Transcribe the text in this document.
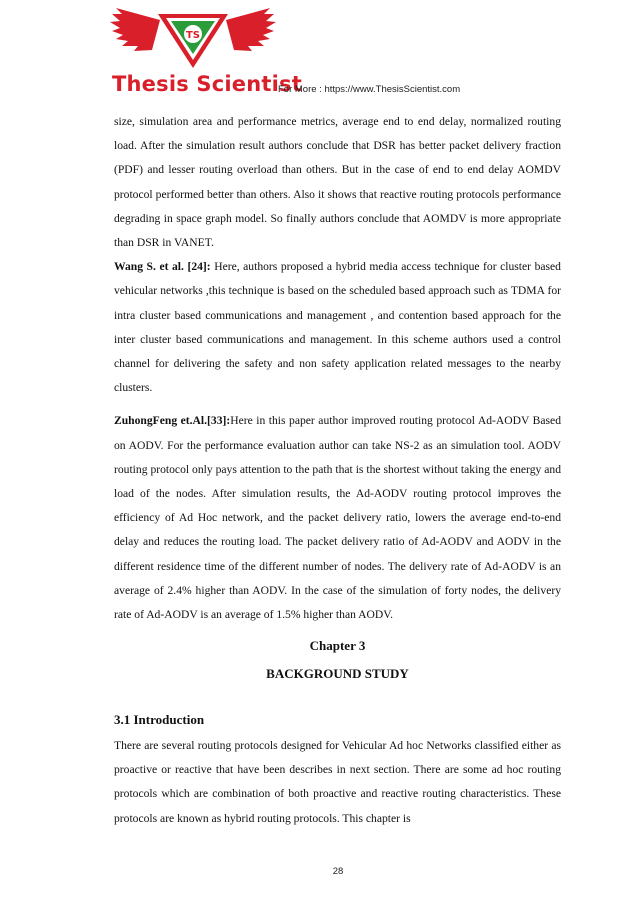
TS
Thesis Scientist
For More : https://www.ThesisScientist.com

size, simulation area and performance metrics, average end to end delay, normalized routing load. After the simulation result authors conclude that DSR has better packet delivery fraction (PDF) and lesser routing overload than others. But in the case of end to end delay AOMDV protocol performed better than others. Also it shows that reactive routing protocols performance degrading in space graph model. So finally authors conclude that AOMDV is more appropriate than DSR in VANET.

Wang S. et al. [24]: Here, authors proposed a hybrid media access technique for cluster based vehicular networks ,this technique is based on the scheduled based approach such as TDMA for intra cluster based communications and management , and contention based approach for the inter cluster based communications and management. In this scheme authors used a control channel for delivering the safety and non safety application related messages to the nearby clusters.

ZuhongFeng et.Al.[33]:Here in this paper author improved routing protocol Ad-AODV Based on AODV. For the performance evaluation author can take NS-2 as an simulation tool. AODV routing protocol only pays attention to the path that is the shortest without taking the energy and load of the nodes. After simulation results, the Ad-AODV routing protocol improves the efficiency of Ad Hoc network, and the packet delivery ratio, lowers the average end-to-end delay and reduces the routing load. The packet delivery ratio of Ad-AODV and AODV in the different residence time of the different number of nodes. The delivery rate of Ad-AODV is an average of 2.4% higher than AODV. In the case of the simulation of forty nodes, the delivery rate of Ad-AODV is an average of 1.5% higher than AODV.

Chapter 3
BACKGROUND STUDY
3.1 Introduction

There are several routing protocols designed for Vehicular Ad hoc Networks classified either as proactive or reactive that have been describes in next section. There are some ad hoc routing protocols which are combination of both proactive and reactive routing characteristics. These protocols are known as hybrid routing protocols. This chapter is

28
